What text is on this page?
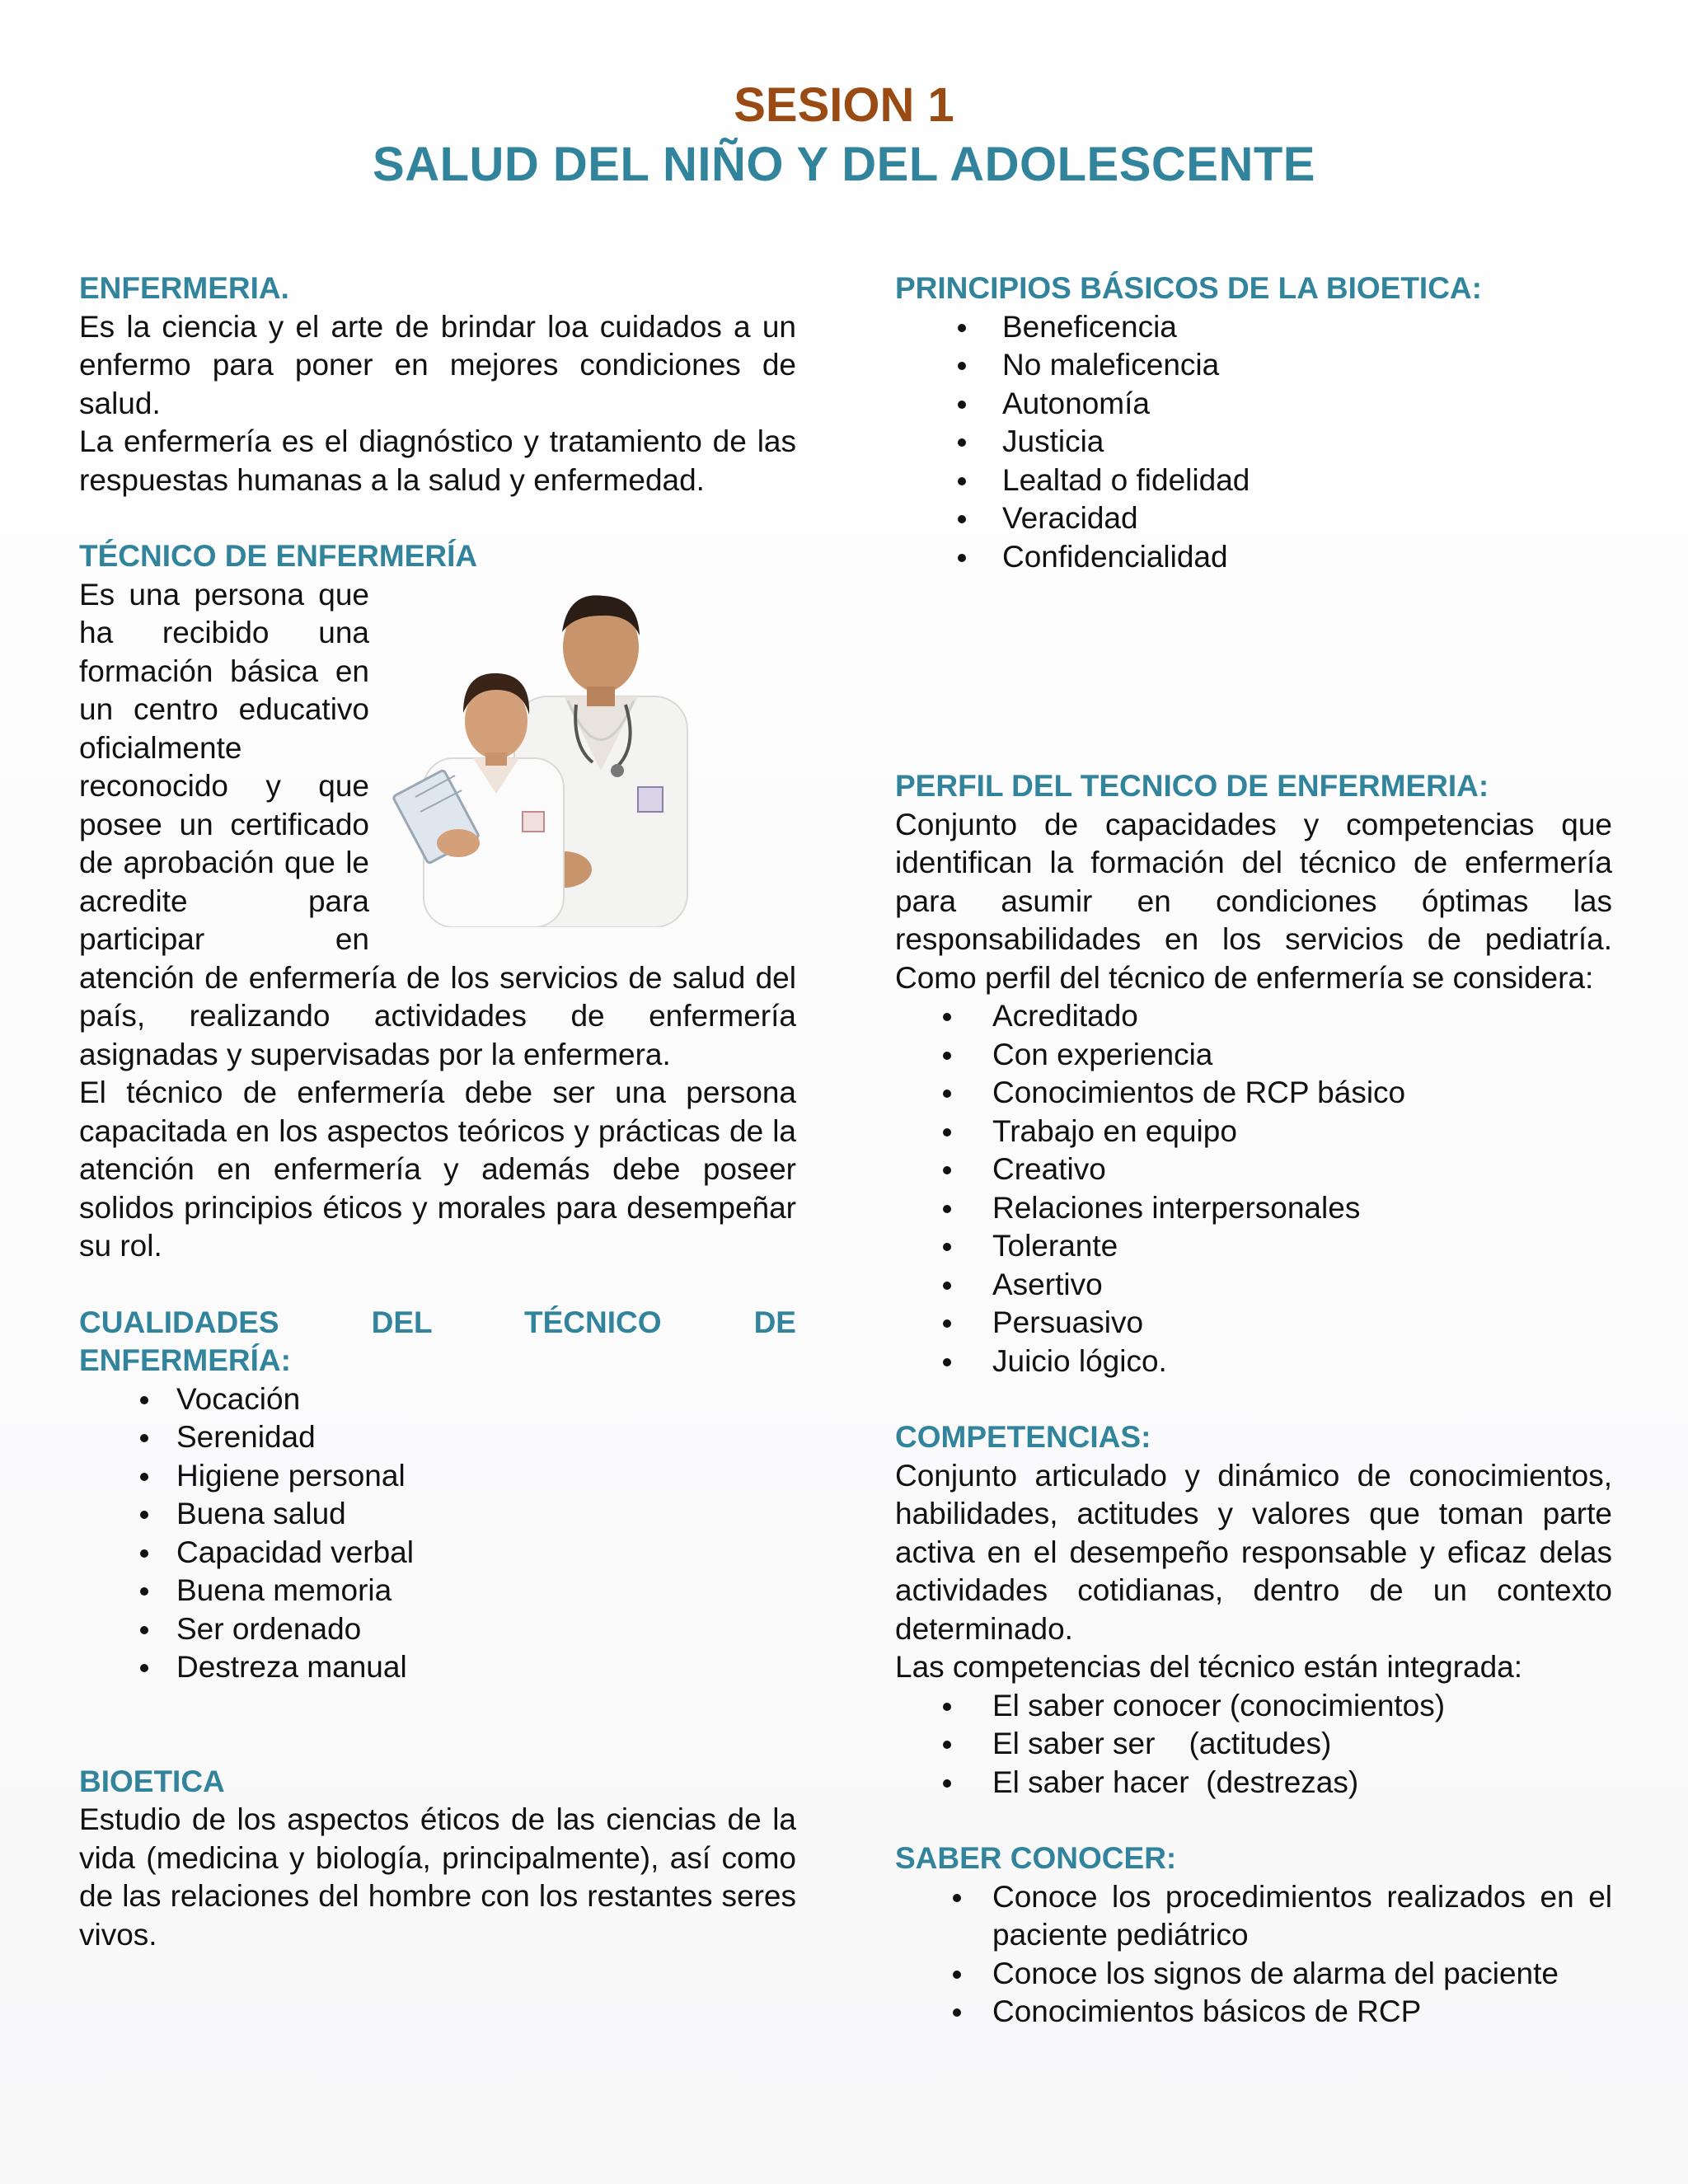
SESION 1
SALUD DEL NIÑO Y DEL ADOLESCENTE
ENFERMERIA.
Es la ciencia y el arte de brindar loa cuidados a un enfermo para poner en mejores condiciones de salud.
La enfermería es el diagnóstico y tratamiento de las respuestas humanas a la salud y enfermedad.
TÉCNICO DE ENFERMERÍA
Es una persona que ha recibido una formación básica en un centro educativo oficialmente reconocido y que posee un certificado de aprobación que le acredite para participar en
atención de enfermería de los servicios de salud del país, realizando actividades de enfermería asignadas y supervisadas por la enfermera.
El técnico de enfermería debe ser una persona capacitada en los aspectos teóricos y prácticas de la atención en enfermería y además debe poseer solidos principios éticos y morales para desempeñar su rol.
CUALIDADES DEL TÉCNICO DE
ENFERMERÍA:
Vocación
Serenidad
Higiene personal
Buena salud
Capacidad verbal
Buena memoria
Ser ordenado
Destreza manual
BIOETICA
Estudio de los aspectos éticos de las ciencias de la vida (medicina y biología, principalmente), así como de las relaciones del hombre con los restantes seres vivos.
PRINCIPIOS BÁSICOS DE LA BIOETICA:
Beneficencia
No maleficencia
Autonomía
Justicia
Lealtad o fidelidad
Veracidad
Confidencialidad
PERFIL DEL TECNICO DE ENFERMERIA:
Conjunto de capacidades y competencias que identifican la formación del técnico de enfermería para asumir en condiciones óptimas las responsabilidades en los servicios de pediatría. Como perfil del técnico de enfermería se considera:
Acreditado
Con experiencia
Conocimientos de RCP básico
Trabajo en equipo
Creativo
Relaciones interpersonales
Tolerante
Asertivo
Persuasivo
Juicio lógico.
COMPETENCIAS:
Conjunto articulado y dinámico de conocimientos, habilidades, actitudes y valores que toman parte activa en el desempeño responsable y eficaz delas actividades cotidianas, dentro de un contexto determinado.
Las competencias del técnico están integrada:
El saber conocer (conocimientos)
El saber ser    (actitudes)
El saber hacer  (destrezas)
SABER CONOCER:
Conoce los procedimientos realizados en el paciente pediátrico
Conoce los signos de alarma del paciente
Conocimientos básicos de RCP
